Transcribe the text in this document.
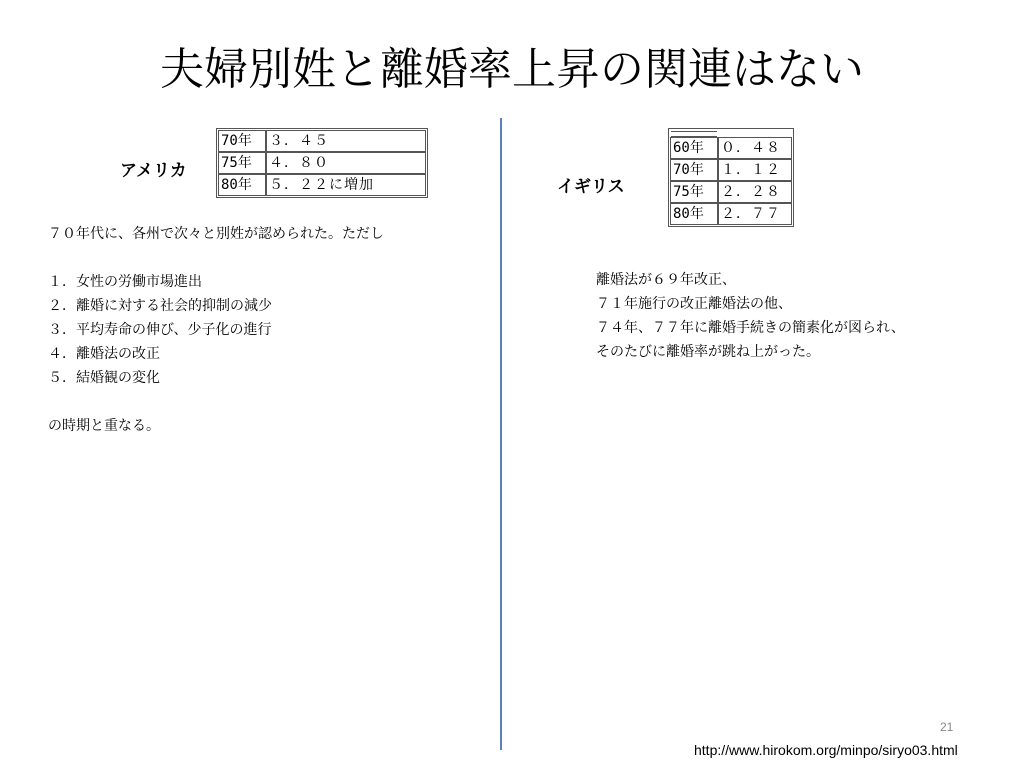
夫婦別姓と離婚率上昇の関連はない
アメリカ
70年	３．４５
75年	４．８０
80年	５．２２に増加
７０年代に、各州で次々と別姓が認められた。ただし
１．女性の労働市場進出
２．離婚に対する社会的抑制の減少
３．平均寿命の伸び、少子化の進行
４．離婚法の改正
５．結婚観の変化
の時期と重なる。
イギリス
60年	０．４８
70年	１．１２
75年	２．２８
80年	２．７７
離婚法が６９年改正、
７１年施行の改正離婚法の他、
７４年、７７年に離婚手続きの簡素化が図られ、
そのたびに離婚率が跳ね上がった。
21
http://www.hirokom.org/minpo/siryo03.html
